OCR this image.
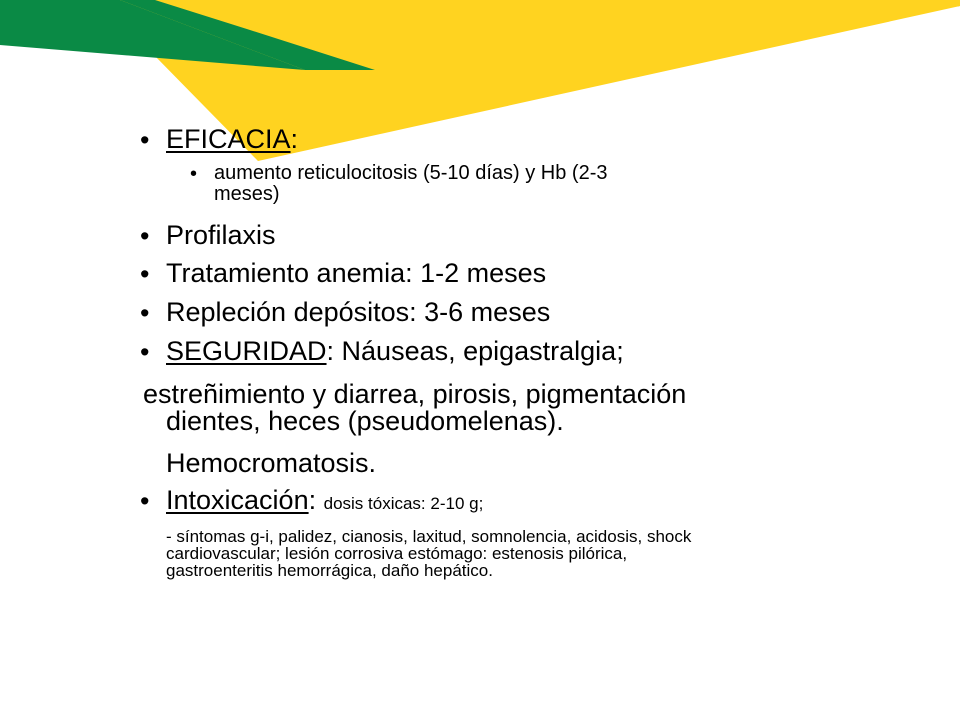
• EFICACIA:
• aumento reticulocitosis (5-10 días) y Hb (2-3
meses)
• Profilaxis
• Tratamiento anemia: 1-2 meses
• Repleción depósitos: 3-6 meses
• SEGURIDAD: Náuseas, epigastralgia;
estreñimiento y diarrea, pirosis, pigmentación
dientes, heces (pseudomelenas).
Hemocromatosis.
• Intoxicación: dosis tóxicas: 2-10 g;
- síntomas g-i, palidez, cianosis, laxitud, somnolencia, acidosis, shock
cardiovascular; lesión corrosiva estómago: estenosis pilórica,
gastroenteritis hemorrágica, daño hepático.
